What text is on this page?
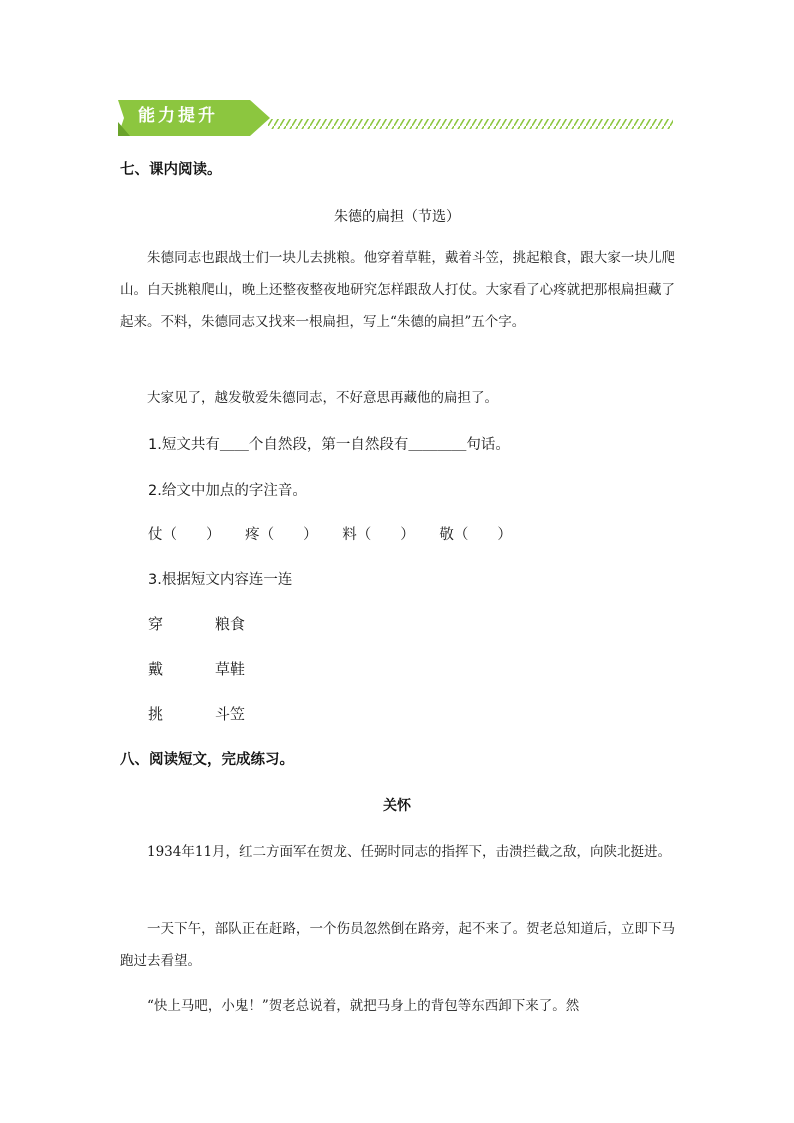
能力提升
七、课内阅读。
朱德的扁担（节选）
朱德同志也跟战士们一块儿去挑粮。他穿着草鞋，戴着斗笠，挑起粮食，跟大家一块儿爬山。白天挑粮爬山，晚上还整夜整夜地研究怎样跟敌人打仗。大家看了心疼就把那根扁担藏了起来。不料，朱德同志又找来一根扁担，写上“朱德的扁担”五个字。
大家见了，越发敬爱朱德同志，不好意思再藏他的扁担了。
1.短文共有＿＿个自然段，第一自然段有＿＿＿＿句话。
2.给文中加点的字注音。
仗（　　） 疼（　　） 料（　　） 敬（　　）
3.根据短文内容连一连
穿	粮食
戴	草鞋
挑	斗笠
八、阅读短文，完成练习。
关怀
1934年11月，红二方面军在贺龙、任弼时同志的指挥下，击溃拦截之敌，向陕北挺进。
一天下午，部队正在赶路，一个伤员忽然倒在路旁，起不来了。贺老总知道后，立即下马跑过去看望。
“快上马吧，小鬼！”贺老总说着，就把马身上的背包等东西卸下来了。然
